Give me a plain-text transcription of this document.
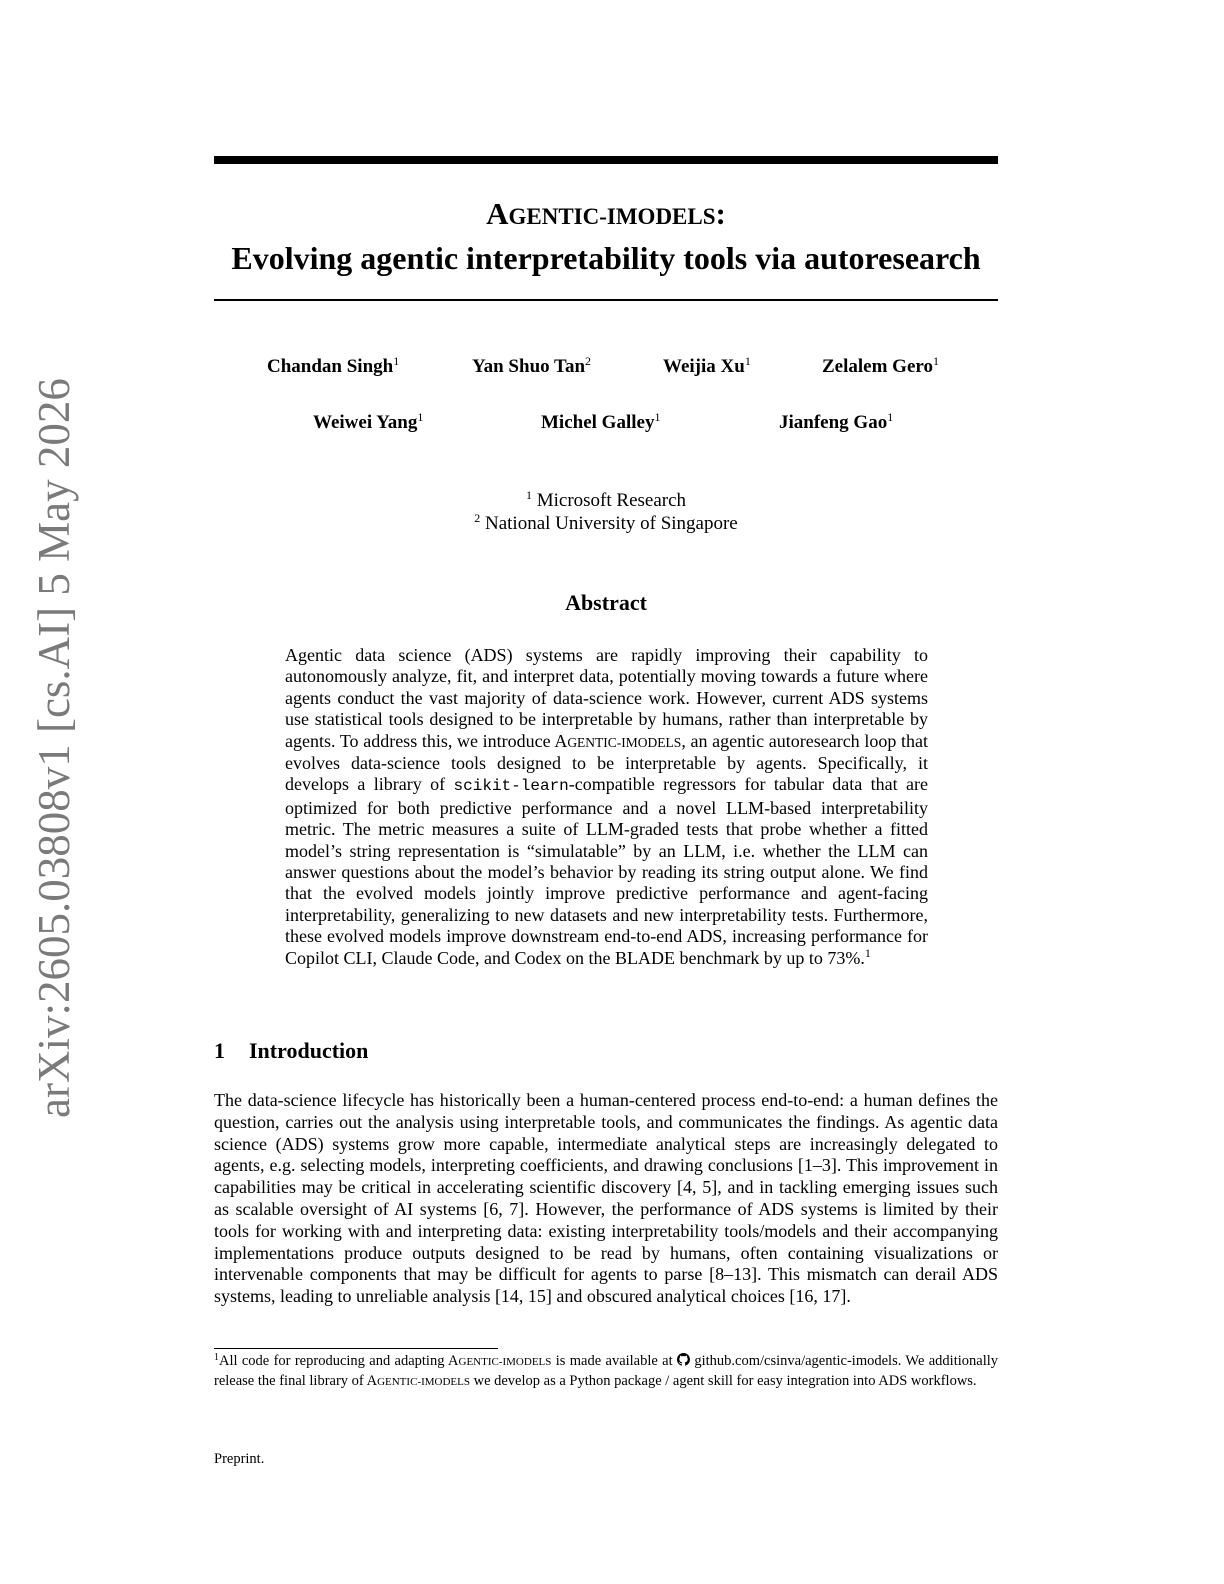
arXiv:2605.03808v1 [cs.AI] 5 May 2026
AGENTIC-IMODELS:
Evolving agentic interpretability tools via autoresearch
Chandan Singh$^1$	Yan Shuo Tan$^2$	Weijia Xu$^1$	Zelalem Gero$^1$
Weiwei Yang$^1$	Michel Galley$^1$	Jianfeng Gao$^1$
$^1$ Microsoft Research
$^2$ National University of Singapore
Abstract
Agentic data science (ADS) systems are rapidly improving their capability to autonomously analyze, fit, and interpret data, potentially moving towards a future where agents conduct the vast majority of data-science work. However, current ADS systems use statistical tools designed to be interpretable by humans, rather than interpretable by agents. To address this, we introduce AGENTIC-IMODELS, an agentic autoresearch loop that evolves data-science tools designed to be interpretable by agents. Specifically, it develops a library of scikit-learn-compatible regressors for tabular data that are optimized for both predictive performance and a novel LLM-based interpretability metric. The metric measures a suite of LLM-graded tests that probe whether a fitted model’s string representation is “simulatable” by an LLM, i.e. whether the LLM can answer questions about the model’s behavior by reading its string output alone. We find that the evolved models jointly improve predictive performance and agent-facing interpretability, generalizing to new datasets and new interpretability tests. Furthermore, these evolved models improve downstream end-to-end ADS, increasing performance for Copilot CLI, Claude Code, and Codex on the BLADE benchmark by up to 73%.$^1$
1 Introduction
The data-science lifecycle has historically been a human-centered process end-to-end: a human defines the question, carries out the analysis using interpretable tools, and communicates the findings. As agentic data science (ADS) systems grow more capable, intermediate analytical steps are increasingly delegated to agents, e.g. selecting models, interpreting coefficients, and drawing conclusions [1–3]. This improvement in capabilities may be critical in accelerating scientific discovery [4, 5], and in tackling emerging issues such as scalable oversight of AI systems [6, 7]. However, the performance of ADS systems is limited by their tools for working with and interpreting data: existing interpretability tools/models and their accompanying implementations produce outputs designed to be read by humans, often containing visualizations or intervenable components that may be difficult for agents to parse [8–13]. This mismatch can derail ADS systems, leading to unreliable analysis [14, 15] and obscured analytical choices [16, 17].
$^1$All code for reproducing and adapting AGENTIC-IMODELS is made available at  github.com/csinva/agentic-imodels. We additionally release the final library of AGENTIC-IMODELS we develop as a Python package / agent skill for easy integration into ADS workflows.
Preprint.
